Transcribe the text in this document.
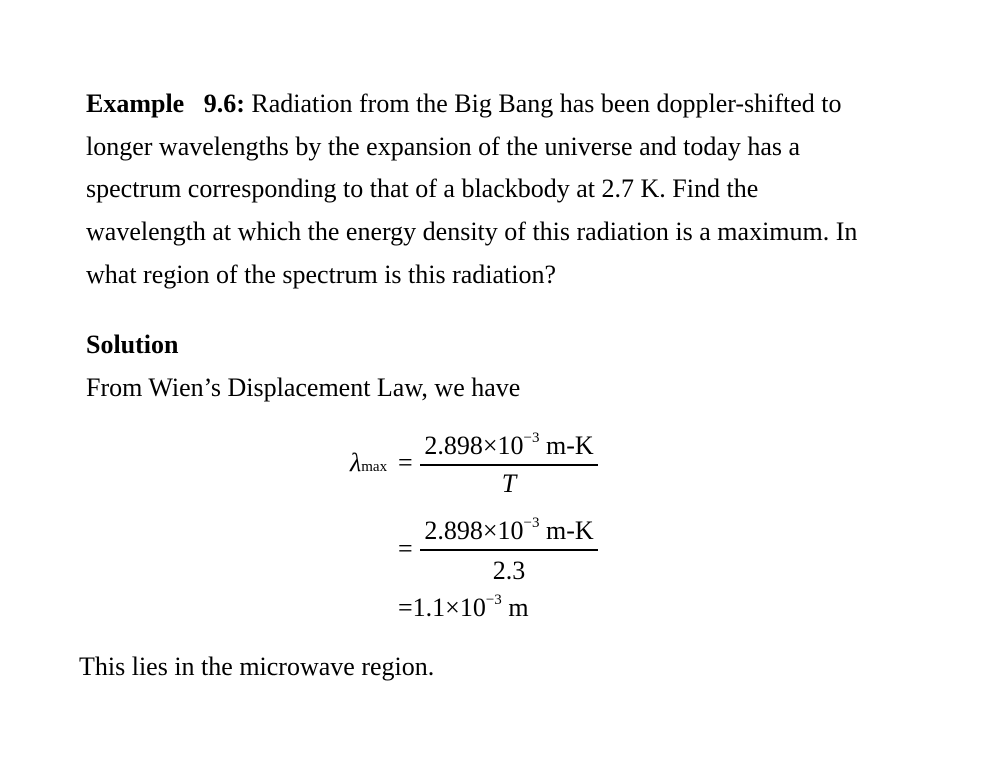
Example 9.6: Radiation from the Big Bang has been doppler-shifted to
longer wavelengths by the expansion of the universe and today has a
spectrum corresponding to that of a blackbody at 2.7 K. Find the
wavelength at which the energy density of this radiation is a maximum. In
what region of the spectrum is this radiation?
Solution
From Wien’s Displacement Law, we have
λmax =
$2.898\times 10^{-3}$ m-K
T
=
$2.898\times 10^{-3}$ m-K
2.3
$=1.1\times 10^{-3}$ m
This lies in the microwave region.
